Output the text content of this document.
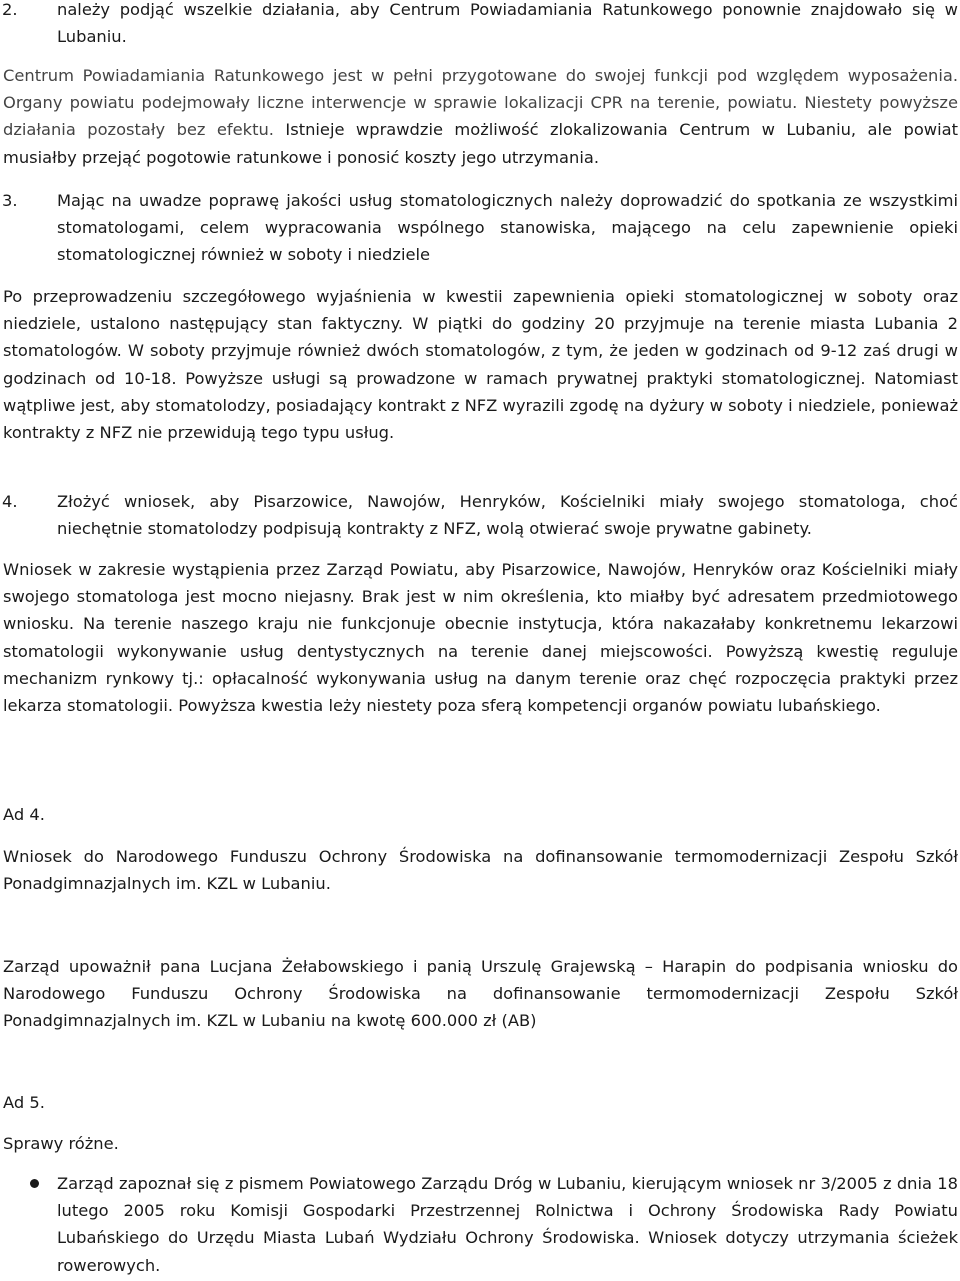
2.	należy podjąć wszelkie działania, aby Centrum Powiadamiania Ratunkowego ponownie znajdowało się w Lubaniu.

Centrum Powiadamiania Ratunkowego jest w pełni przygotowane do swojej funkcji pod względem wyposażenia. Organy powiatu podejmowały liczne interwencje w sprawie lokalizacji CPR na terenie, powiatu. Niestety powyższe działania pozostały bez efektu. Istnieje wprawdzie możliwość zlokalizowania Centrum w Lubaniu, ale powiat musiałby przejąć pogotowie ratunkowe i ponosić koszty jego utrzymania.

3.	Mając na uwadze poprawę jakości usług stomatologicznych należy doprowadzić do spotkania ze wszystkimi stomatologami, celem wypracowania wspólnego stanowiska, mającego na celu zapewnienie opieki stomatologicznej również w soboty i niedziele

Po przeprowadzeniu szczegółowego wyjaśnienia w kwestii zapewnienia opieki stomatologicznej w soboty oraz niedziele, ustalono następujący stan faktyczny. W piątki do godziny 20 przyjmuje na terenie miasta Lubania 2 stomatologów. W soboty przyjmuje również dwóch stomatologów, z tym, że jeden w godzinach od 9-12 zaś drugi w godzinach od 10-18. Powyższe usługi są prowadzone w ramach prywatnej praktyki stomatologicznej. Natomiast wątpliwe jest, aby stomatolodzy, posiadający kontrakt z NFZ wyrazili zgodę na dyżury w soboty i niedziele, ponieważ kontrakty z NFZ nie przewidują tego typu usług.

4.	Złożyć wniosek, aby Pisarzowice, Nawojów, Henryków, Kościelniki miały swojego stomatologa, choć niechętnie stomatolodzy podpisują kontrakty z NFZ, wolą otwierać swoje prywatne gabinety.

Wniosek w zakresie wystąpienia przez Zarząd Powiatu, aby Pisarzowice, Nawojów, Henryków oraz Kościelniki miały swojego stomatologa jest mocno niejasny. Brak jest w nim określenia, kto miałby być adresatem przedmiotowego wniosku. Na terenie naszego kraju nie funkcjonuje obecnie instytucja, która nakazałaby konkretnemu lekarzowi stomatologii wykonywanie usług dentystycznych na terenie danej miejscowości. Powyższą kwestię reguluje mechanizm rynkowy tj.: opłacalność wykonywania usług na danym terenie oraz chęć rozpoczęcia praktyki przez lekarza stomatologii. Powyższa kwestia leży niestety poza sferą kompetencji organów powiatu lubańskiego.

Ad 4.

Wniosek do Narodowego Funduszu Ochrony Środowiska na dofinansowanie termomodernizacji Zespołu Szkół Ponadgimnazjalnych im. KZL w Lubaniu.

Zarząd upoważnił pana Lucjana Żełabowskiego i panią Urszulę Grajewską – Harapin do podpisania wniosku do Narodowego Funduszu Ochrony Środowiska na dofinansowanie termomodernizacji Zespołu Szkół Ponadgimnazjalnych im. KZL w Lubaniu na kwotę 600.000 zł (AB)

Ad 5.

Sprawy różne.

Zarząd zapoznał się z pismem Powiatowego Zarządu Dróg w Lubaniu, kierującym wniosek nr 3/2005 z dnia 18 lutego 2005 roku Komisji Gospodarki Przestrzennej Rolnictwa i Ochrony Środowiska Rady Powiatu Lubańskiego do Urzędu Miasta Lubań Wydziału Ochrony Środowiska. Wniosek dotyczy utrzymania ścieżek rowerowych.
